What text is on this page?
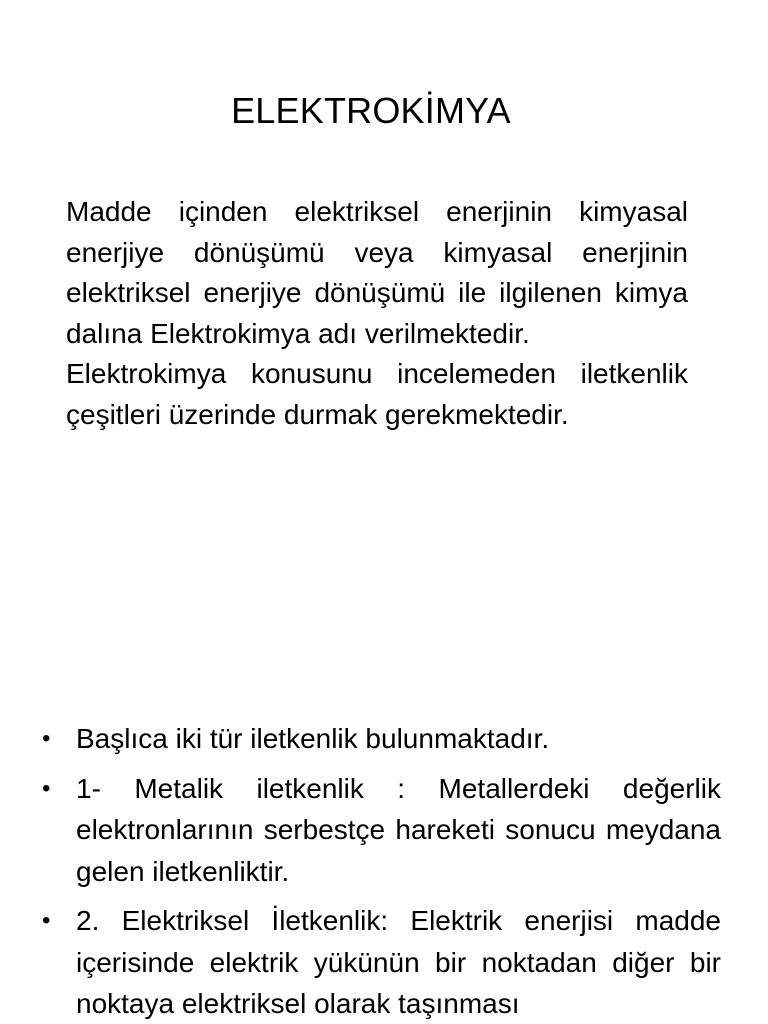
ELEKTROKİMYA

Madde içinden elektriksel enerjinin kimyasal enerjiye dönüşümü veya kimyasal enerjinin elektriksel enerjiye dönüşümü ile ilgilenen kimya dalına Elektrokimya adı verilmektedir.

Elektrokimya konusunu incelemeden iletkenlik çeşitleri üzerinde durmak gerekmektedir.

• Başlıca iki tür iletkenlik bulunmaktadır.
• 1- Metalik iletkenlik : Metallerdeki değerlik elektronlarının serbestçe hareketi sonucu meydana gelen iletkenliktir.
• 2. Elektriksel İletkenlik: Elektrik enerjisi madde içerisinde elektrik yükünün bir noktadan diğer bir noktaya elektriksel olarak taşınması
